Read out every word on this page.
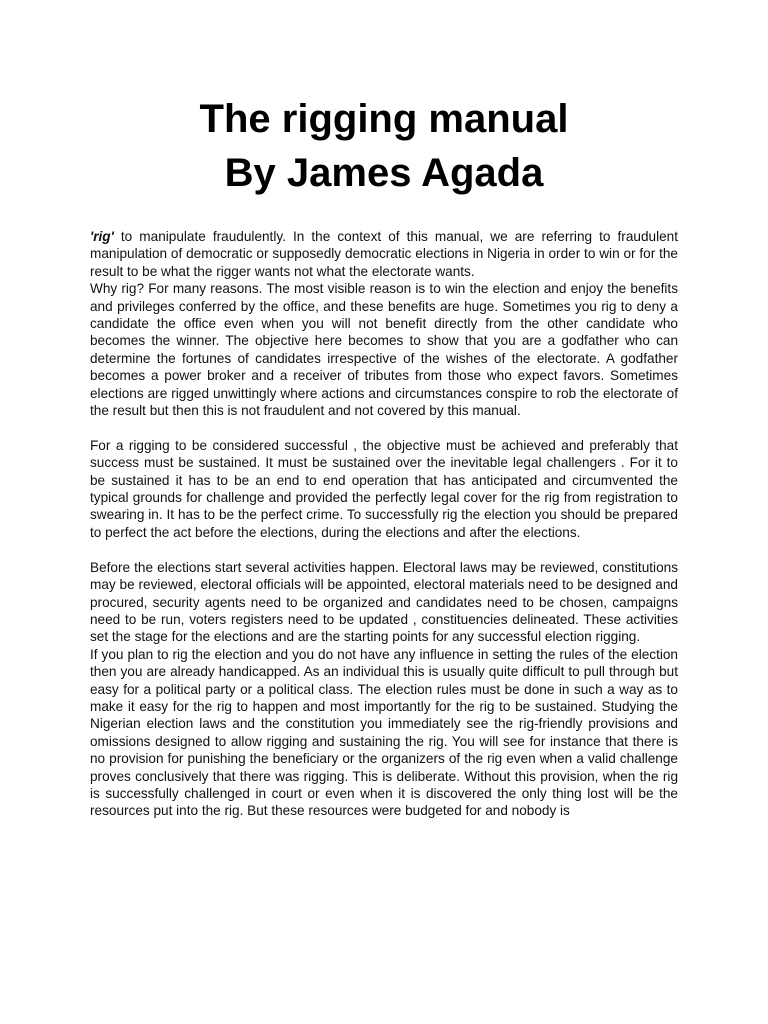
The rigging manual
By James Agada

'rig' to manipulate fraudulently. In the context of this manual, we are referring to fraudulent manipulation of democratic or supposedly democratic elections in Nigeria in order to win or for the result to be what the rigger wants not what the electorate wants.

Why rig? For many reasons. The most visible reason is to win the election and enjoy the benefits and privileges conferred by the office, and these benefits are huge. Sometimes you rig to deny a candidate the office even when you will not benefit directly from the other candidate who becomes the winner. The objective here becomes to show that you are a godfather who can determine the fortunes of candidates irrespective of the wishes of the electorate. A godfather becomes a power broker and a receiver of tributes from those who expect favors. Sometimes elections are rigged unwittingly where actions and circumstances conspire to rob the electorate of the result but then this is not fraudulent and not covered by this manual.

For a rigging to be considered successful , the objective must be achieved and preferably that success must be sustained. It must be sustained over the inevitable legal challengers . For it to be sustained it has to be an end to end operation that has anticipated and circumvented the typical grounds for challenge and provided the perfectly legal cover for the rig from registration to swearing in. It has to be the perfect crime. To successfully rig the election you should be prepared to perfect the act before the elections, during the elections and after the elections.

Before the elections start several activities happen. Electoral laws may be reviewed, constitutions may be reviewed, electoral officials will be appointed, electoral materials need to be designed and procured, security agents need to be organized and candidates need to be chosen, campaigns need to be run, voters registers need to be updated , constituencies delineated. These activities set the stage for the elections and are the starting points for any successful election rigging.

If you plan to rig the election and you do not have any influence in setting the rules of the election then you are already handicapped. As an individual this is usually quite difficult to pull through but easy for a political party or a political class. The election rules must be done in such a way as to make it easy for the rig to happen and most importantly for the rig to be sustained. Studying the Nigerian election laws and the constitution you immediately see the rig-friendly provisions and omissions designed to allow rigging and sustaining the rig. You will see for instance that there is no provision for punishing the beneficiary or the organizers of the rig even when a valid challenge proves conclusively that there was rigging. This is deliberate. Without this provision, when the rig is successfully challenged in court or even when it is discovered the only thing lost will be the resources put into the rig. But these resources were budgeted for and nobody is
